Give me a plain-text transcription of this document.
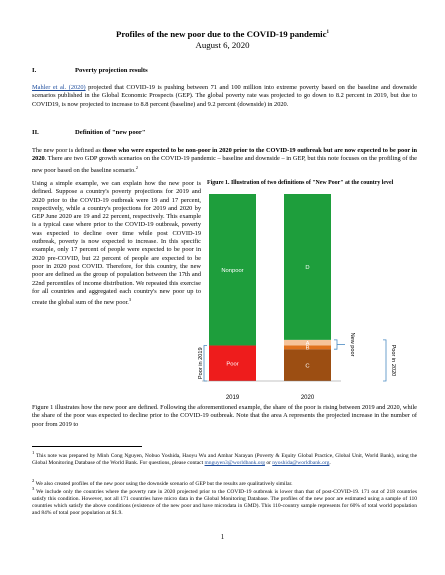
Profiles of the new poor due to the COVID-19 pandemic$^1$
August 6, 2020
I.	Poverty projection results
Mahler et al. (2020) projected that COVID-19 is pushing between 71 and 100 million into extreme poverty based on the baseline and downside scenarios published in the Global Economic Prospects (GEP). The global poverty rate was projected to go down to 8.2 percent in 2019, but due to COVID19, is now projected to increase to 8.8 percent (baseline) and 9.2 percent (downside) in 2020.
II.	Definition of "new poor"
The new poor is defined as those who were expected to be non-poor in 2020 prior to the COVID-19 outbreak but are now expected to be poor in 2020. There are two GDP growth scenarios on the COVID-19 pandemic – baseline and downside – in GEP, but this note focuses on the profiling of the new poor based on the baseline scenario.$^2$
Using a simple example, we can explain how the new poor is defined. Suppose a country's poverty projections for 2019 and 2020 prior to the COVID-19 outbreak were 19 and 17 percent, respectively, while a country's projections for 2019 and 2020 by GEP June 2020 are 19 and 22 percent, respectively. This example is a typical case where prior to the COVID-19 outbreak, poverty was expected to decline over time while post COVID-19 outbreak, poverty is now expected to increase. In this specific example, only 17 percent of people were expected to be poor in 2020 pre-COVID, but 22 percent of people are expected to be poor in 2020 post COVID. Therefore, for this country, the new poor are defined as the group of population between the 17th and 22nd percentiles of income distribution. We repeated this exercise for all countries and aggregated each country's new poor up to create the global sum of the new poor.$^3$
Figure 1. Illustration of two definitions of "New Poor" at the country level
Poor
Nonpoor
2019
C
B
A
D
2020
Poor in 2019
New poor
Poor in 2020
Figure 1 illustrates how the new poor are defined. Following the aforementioned example, the share of the poor is rising between 2019 and 2020, while the share of the poor was expected to decline prior to the COVID-19 outbreak. Note that the area A represents the projected increase in the number of poor from 2019 to
$^1$ This note was prepared by Minh Cong Nguyen, Nobuo Yoshida, Haoyu Wu and Ambar Narayan (Poverty & Equity Global Practice, Global Unit, World Bank), using the Global Monitoring Database of the World Bank. For questions, please contact mnguyen3@worldbank.org or nyoshida@worldbank.org.
$^2$ We also created profiles of the new poor using the downside scenario of GEP but the results are qualitatively similar.
$^3$ We include only the countries where the poverty rate in 2020 projected prior to the COVID-19 outbreak is lower than that of post-COVID-19. 171 out of 218 countries satisfy this condition. However, not all 171 countries have micro data in the Global Monitoring Database. The profiles of the new poor are estimated using a sample of 110 countries which satisfy the above conditions (existence of the new poor and have microdata in GMD). This 110-country sample represents for 60% of total world population and 84% of total poor population at $1.9.
1
